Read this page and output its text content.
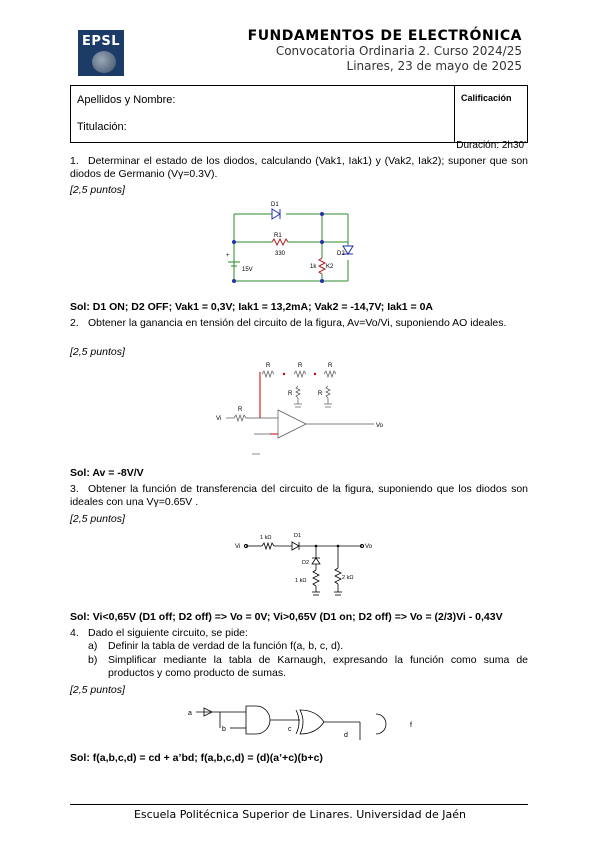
EPSL	FUNDAMENTOS DE ELECTRÓNICA
Convocatoria Ordinaria 2. Curso 2024/25
Linares, 23 de mayo de 2025
Apellidos y Nombre:	Calificación
Titulación:
Duración: 2h30'
1. Determinar el estado de los diodos, calculando (Vak1, Iak1) y (Vak2, Iak2); suponer que son diodos de Germanio (Vγ=0.3V).
[2,5 puntos]
D1
R1
330
1k K2
D2
15V
+
Sol: D1 ON; D2 OFF; Vak1 = 0,3V; Iak1 = 13,2mA; Vak2 = -14,7V; Iak1 = 0A
2. Obtener la ganancia en tensión del circuito de la figura, Av=Vo/Vi, suponiendo AO ideales.
[2,5 puntos]
R	R	R
R	R
R
Vi
Vo
Sol: Av = -8V/V
3. Obtener la función de transferencia del circuito de la figura, suponiendo que los diodos son ideales con una Vγ=0.65V .
[2,5 puntos]
Vi	Vo
1 kΩ	D1
D2
1 kΩ	2 kΩ
Sol: Vi<0,65V (D1 off; D2 off) => Vo = 0V; Vi>0,65V (D1 on; D2 off) => Vo = (2/3)Vi - 0,43V
4. Dado el siguiente circuito, se pide:
a) Definir la tabla de verdad de la función f(a, b, c, d).
b)	Simplificar mediante la tabla de Karnaugh, expresando la función como suma de productos y como producto de sumas.
[2,5 puntos]
a
b	c
d
f
Sol: f(a,b,c,d) = cd + a’bd; f(a,b,c,d) = (d)(a’+c)(b+c)
Escuela Politécnica Superior de Linares. Universidad de Jaén
